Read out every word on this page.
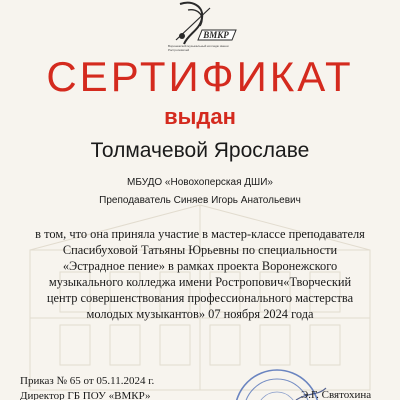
ВМКР
Воронежский музыкальный колледж имени Ростроповичей
СЕРТИФИКАТ
выдан
Толмачевой Ярославе
МБУДО «Новохоперская ДШИ»
Преподаватель Синяев Игорь Анатольевич
в том, что она приняла участие в мастер-классе преподавателя
Спасибуховой Татьяны Юрьевны по специальности
«Эстрадное пение» в рамках проекта Воронежского
музыкального колледжа имени Ростропович«Творческий
центр совершенствования профессионального мастерства
молодых музыкантов» 07 ноября 2024 года
Приказ № 65 от 05.11.2024 г.
Директор ГБ ПОУ «ВМКР»	Э.Г. Святохина
